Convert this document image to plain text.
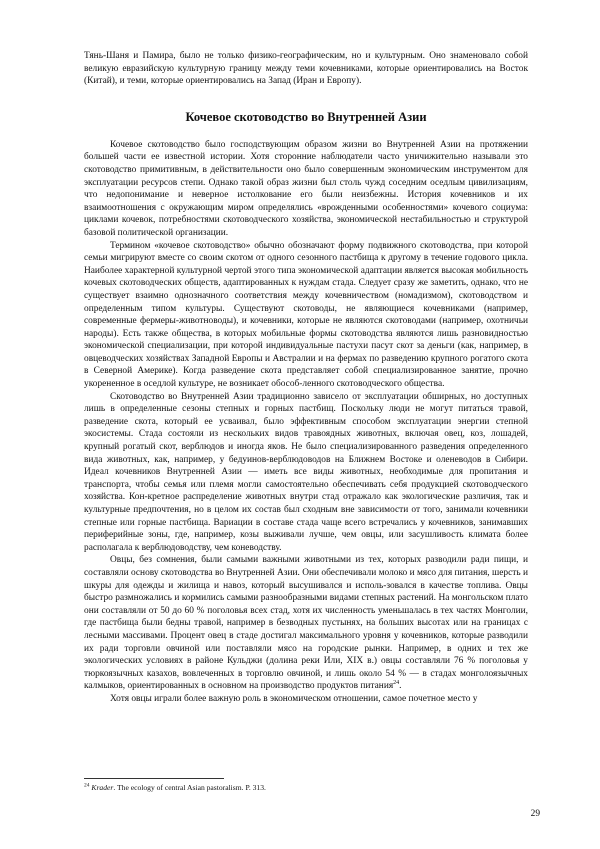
Тянь-Шаня и Памира, было не только физико-географическим, но и культурным. Оно знаменовало собой великую евразийскую культурную границу между теми кочевниками, которые ориентировались на Восток (Китай), и теми, которые ориентировались на Запад (Иран и Европу).

Кочевое скотоводство во Внутренней Азии

Кочевое скотоводство было господствующим образом жизни во Внутренней Азии на протяжении большей части ее известной истории. Хотя сторонние наблюдатели часто уничижительно называли это скотоводство примитивным, в действительности оно было совершенным экономическим инструментом для эксплуатации ресурсов степи. Однако такой образ жизни был столь чужд соседним оседлым цивилизациям, что недопонимание и неверное истолкование его были неизбежны. История кочевников и их взаимоотношения с окружающим миром определялись «врожденными особенностями» кочевого социума: циклами кочевок, потребностями скотоводческого хозяйства, экономической нестабильностью и структурой базовой политической организации.

Термином «кочевое скотоводство» обычно обозначают форму подвижного скотоводства, при которой семьи мигрируют вместе со своим скотом от одного сезонного пастбища к другому в течение годового цикла. Наиболее характерной культурной чертой этого типа экономической адаптации является высокая мобильность кочевых скотоводческих обществ, адаптированных к нуждам стада. Следует сразу же заметить, однако, что не существует взаимно однозначного соответствия между кочевничеством (номадизмом), скотоводством и определенным типом культуры. Существуют скотоводы, не являющиеся кочевниками (например, современные фермеры-животноводы), и кочевники, которые не являются скотоводами (например, охотничьи народы). Есть также общества, в которых мобильные формы скотоводства являются лишь разновидностью экономической специализации, при которой индивидуальные пастухи пасут скот за деньги (как, например, в овцеводческих хозяйствах Западной Европы и Австралии и на фермах по разведению крупного рогатого скота в Северной Америке). Когда разведение скота представляет собой специализированное занятие, прочно укорененное в оседлой культуре, не возникает обособ-ленного скотоводческого общества.

Скотоводство во Внутренней Азии традиционно зависело от эксплуатации обширных, но доступных лишь в определенные сезоны степных и горных пастбищ. Поскольку люди не могут питаться травой, разведение скота, который ее усваивал, было эффективным способом эксплуатации энергии степной экосистемы. Стада состояли из нескольких видов травоядных животных, включая овец, коз, лошадей, крупный рогатый скот, верблюдов и иногда яков. Не было специализированного разведения определенного вида животных, как, например, у бедуинов-верблюдоводов на Ближнем Востоке и оленеводов в Сибири. Идеал кочевников Внутренней Азии — иметь все виды животных, необходимые для пропитания и транспорта, чтобы семья или племя могли самостоятельно обеспечивать себя продукцией скотоводческого хозяйства. Кон-кретное распределение животных внутри стад отражало как экологические различия, так и культурные предпочтения, но в целом их состав был сходным вне зависимости от того, занимали кочевники степные или горные пастбища. Вариации в составе стада чаще всего встречались у кочевников, занимавших периферийные зоны, где, например, козы выживали лучше, чем овцы, или засушливость климата более располагала к верблюдоводству, чем коневодству.

Овцы, без сомнения, были самыми важными животными из тех, которых разводили ради пищи, и составляли основу скотоводства во Внутренней Азии. Они обеспечивали молоко и мясо для питания, шерсть и шкуры для одежды и жилища и навоз, который высушивался и исполь-зовался в качестве топлива. Овцы быстро размножались и кормились самыми разнообразными видами степных растений. На монгольском плато они составляли от 50 до 60 % поголовья всех стад, хотя их численность уменьшалась в тех частях Монголии, где пастбища были бедны травой, например в безводных пустынях, на больших высотах или на границах с лесными массивами. Процент овец в стаде достигал максимального уровня у кочевников, которые разводили их ради торговли овчиной или поставляли мясо на городские рынки. Например, в одних и тех же экологических условиях в районе Кульджи (долина реки Или, XIX в.) овцы составляли 76 % поголовья у тюркоязычных казахов, вовлеченных в торговлю овчиной, и лишь около 54 % — в стадах монголоязычных калмыков, ориентированных в основном на производство продуктов питания$^{24}$.

Хотя овцы играли более важную роль в экономическом отношении, самое почетное место у

$^{24}$ Krader. The ecology of central Asian pastoralism. P. 313.
29
